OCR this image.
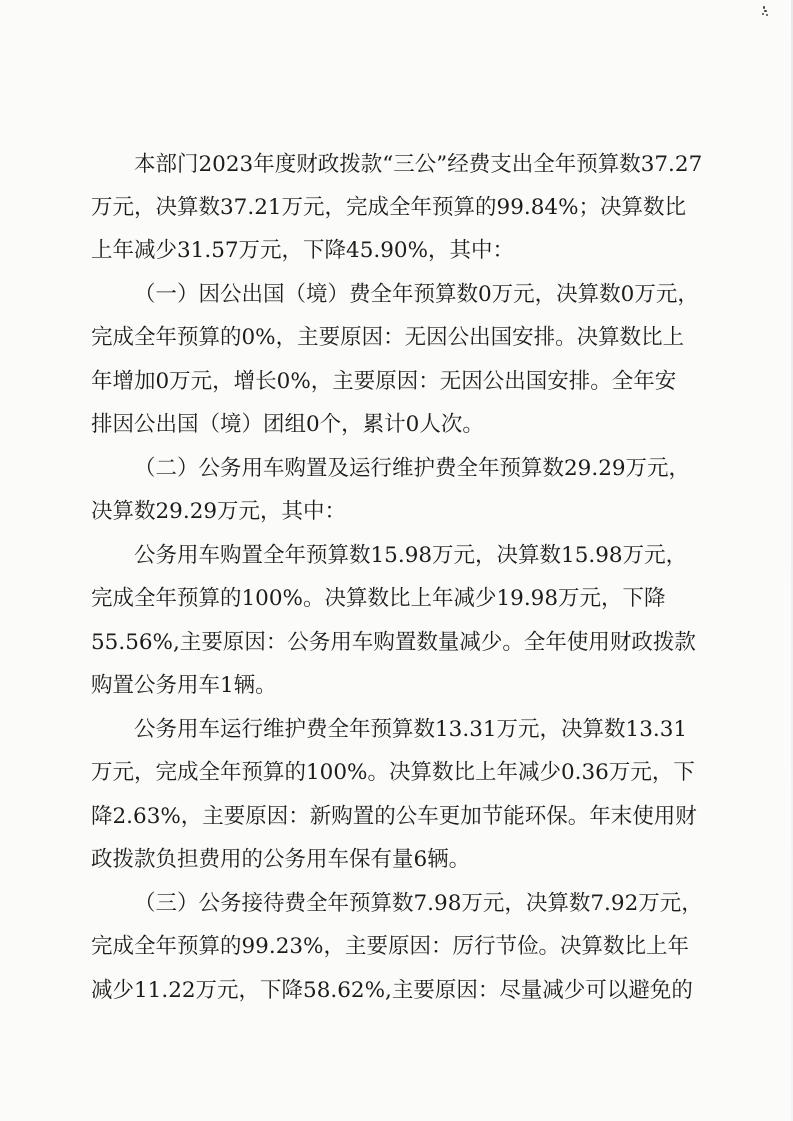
本部门2023年度财政拨款“三公”经费支出全年预算数37.27
万元，决算数37.21万元，完成全年预算的99.84%；决算数比
上年减少31.57万元，下降45.90%，其中：
（一）因公出国（境）费全年预算数0万元，决算数0万元，
完成全年预算的0%，主要原因：无因公出国安排。决算数比上
年增加0万元，增长0%，主要原因：无因公出国安排。全年安
排因公出国（境）团组0个，累计0人次。
（二）公务用车购置及运行维护费全年预算数29.29万元，
决算数29.29万元，其中：
公务用车购置全年预算数15.98万元，决算数15.98万元，
完成全年预算的100%。决算数比上年减少19.98万元，下降
55.56%,主要原因：公务用车购置数量减少。全年使用财政拨款
购置公务用车1辆。
公务用车运行维护费全年预算数13.31万元，决算数13.31
万元，完成全年预算的100%。决算数比上年减少0.36万元，下
降2.63%，主要原因：新购置的公车更加节能环保。年末使用财
政拨款负担费用的公务用车保有量6辆。
（三）公务接待费全年预算数7.98万元，决算数7.92万元，
完成全年预算的99.23%，主要原因：厉行节俭。决算数比上年
减少11.22万元，下降58.62%,主要原因：尽量减少可以避免的
